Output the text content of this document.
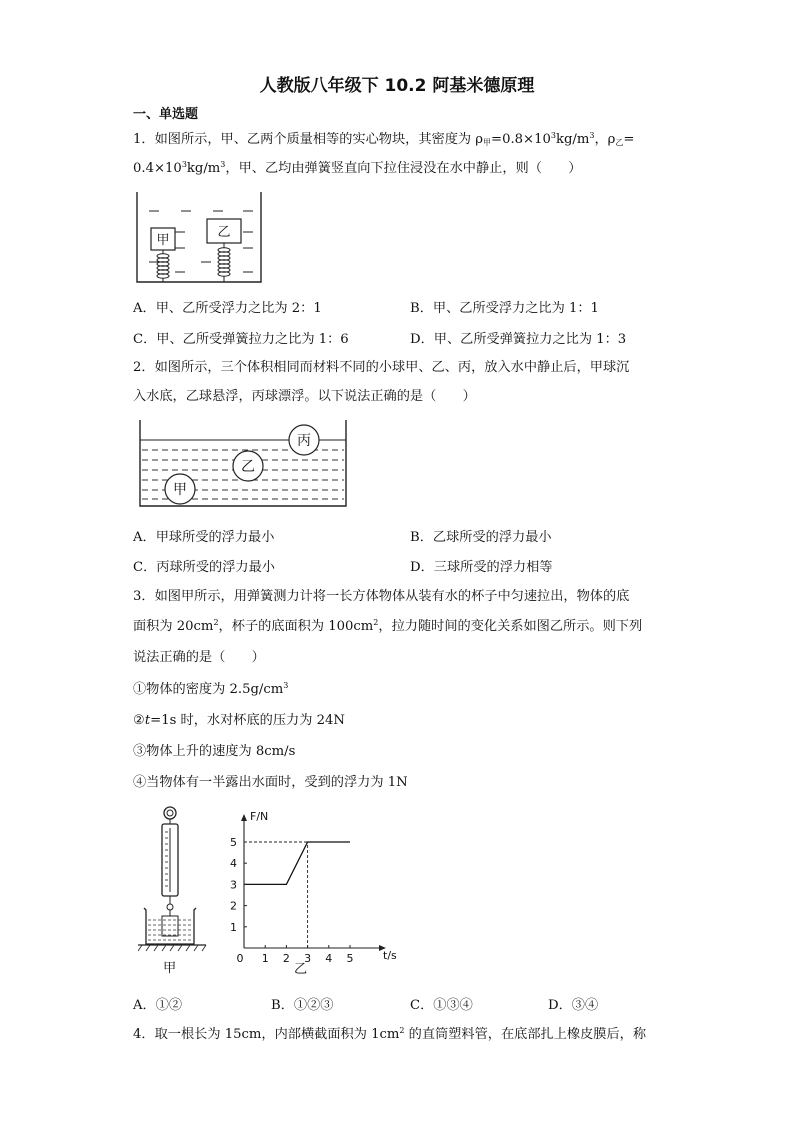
人教版八年级下 10.2 阿基米德原理
一、单选题
1．如图所示，甲、乙两个质量相等的实心物块，其密度为 $\rho_甲=0.8\times 10^3kg/m^3$，$\rho_乙=$
$0.4\times 10^3kg/m^3$，甲、乙均由弹簧竖直向下拉住浸没在水中静止，则（　　）
甲
乙
A．甲、乙所受浮力之比为 2：1	B．甲、乙所受浮力之比为 1：1
C．甲、乙所受弹簧拉力之比为 1：6	D．甲、乙所受弹簧拉力之比为 1：3
2．如图所示，三个体积相同而材料不同的小球甲、乙、丙，放入水中静止后，甲球沉
入水底，乙球悬浮，丙球漂浮。以下说法正确的是（　　）
丙
乙
甲
A．甲球所受的浮力最小	B．乙球所受的浮力最小
C．丙球所受的浮力最小	D．三球所受的浮力相等
3．如图甲所示，用弹簧测力计将一长方体物体从装有水的杯子中匀速拉出，物体的底
面积为 $20cm^2$，杯子的底面积为 $100cm^2$，拉力随时间的变化关系如图乙所示。则下列
说法正确的是（　　）
①物体的密度为 $2.5g/cm^3$
②t=1s 时，水对杯底的压力为 24N
③物体上升的速度为 8cm/s
④当物体有一半露出水面时，受到的浮力为 1N
甲
F/N
t/s
0 1 2 3 4 5
1
2
3
4
5
乙
A．①②	B．①②③	C．①③④	D．③④
4．取一根长为 15cm，内部横截面积为 $1cm^2$ 的直筒塑料管，在底部扎上橡皮膜后，称
